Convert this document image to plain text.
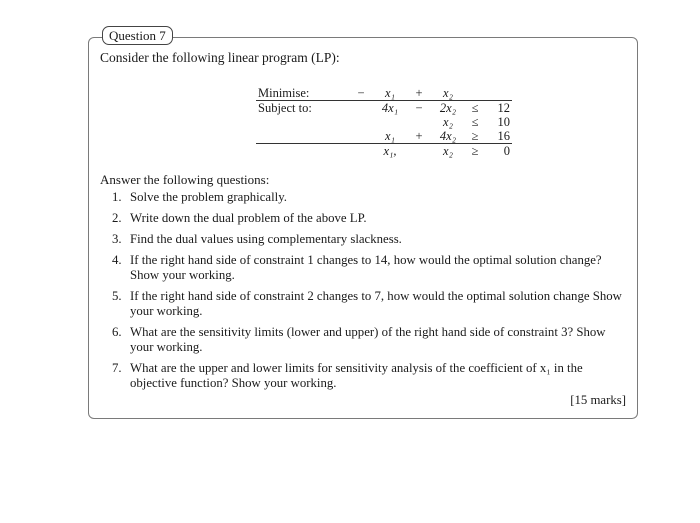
Question 7
Consider the following linear program (LP):
Minimise:	−	x₁	+	x₂		
Subject to:		4x₁	−	2x₂	≤	12
				x₂	≤	10
		x₁	+	4x₂	≥	16
		x₁,		x₂	≥	0
Answer the following questions:
1. Solve the problem graphically.
2. Write down the dual problem of the above LP.
3. Find the dual values using complementary slackness.
4. If the right hand side of constraint 1 changes to 14, how would the optimal solution change? Show your working.
5. If the right hand side of constraint 2 changes to 7, how would the optimal solution change Show your working.
6. What are the sensitivity limits (lower and upper) of the right hand side of constraint 3? Show your working.
7. What are the upper and lower limits for sensitivity analysis of the coefficient of x₁ in the objective function? Show your working.
[15 marks]
